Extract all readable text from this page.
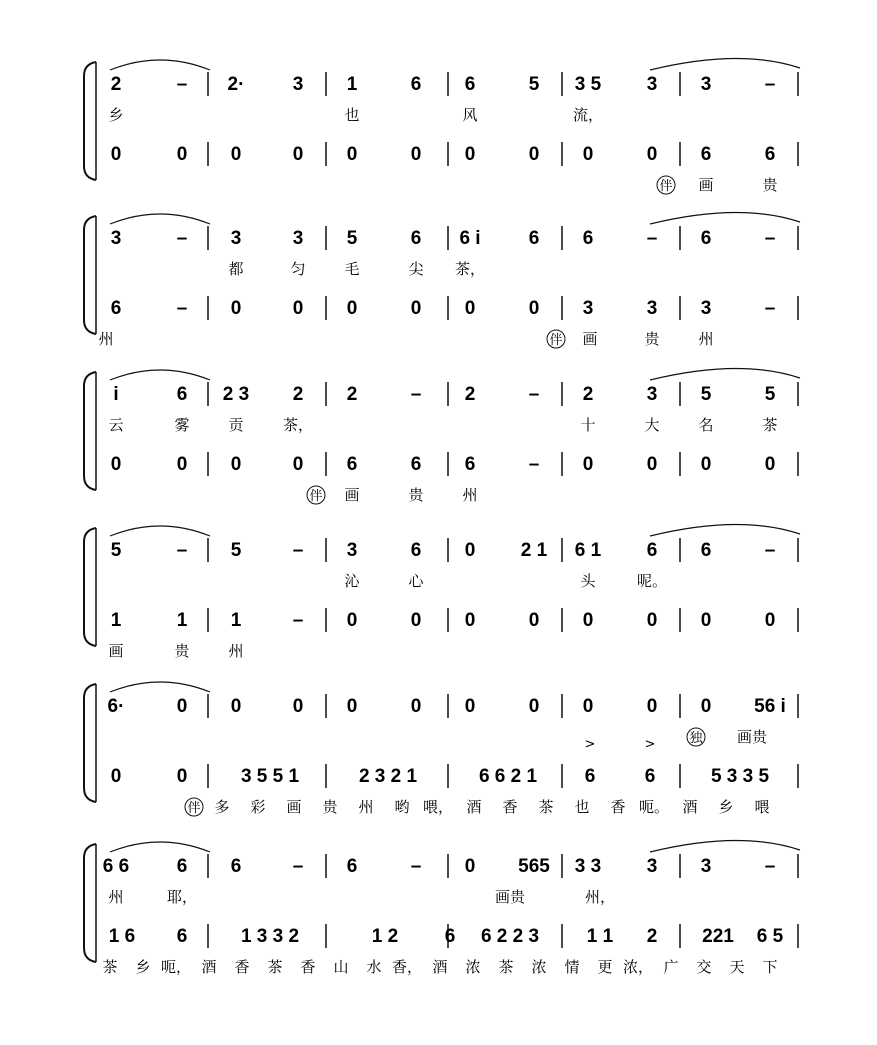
2	– 2·	3 1	6 6	5 3 5 3 3	–
乡	也	风	流，
0	0 0	0 0	0 0	0 0	0 6	6
画	贵
伴
3	– 3	3 5	6 6 i	6 6	– 6	–
都	匀	毛	尖 茶，
6	– 0	0 0	0 0	0 3	3 3	–
画	贵	州
州	伴
i	6 2 3 2 2	– 2	– 2	3 5	5
云	雾	贡	茶，	十	大	名	茶
0	0 0	0 6	6 6	– 0	0 0	0
画	贵	州
伴
5	– 5	– 3	6 0 2 1 6 1 6 6	–
沁	心	头	呢。
1	1 1	– 0	0 0	0 0	0 0	0
画	贵	州
6·	0 0	0 0	0 0	0 0	0 0 56 i
画贵
独
0	0	3 5 5 1	2 3 2 1	6 6 2 1	6	6	5 3 3 5
多 彩 画 贵 州 哟 喂， 酒 香 茶 也 香 呃。 酒 乡 喂
伴
>	>
6 6	6 6	– 6	– 0 565 3 3 3 3	–
州	耶，	画贵	州，
1 6 6	1 3 3 2	1 2 6 6 2 2 3	1 1 2 221 6 5
茶 乡 呃， 酒 香 茶 香 山 水 香， 酒 浓 茶 浓 情 更 浓， 广 交 天 下
